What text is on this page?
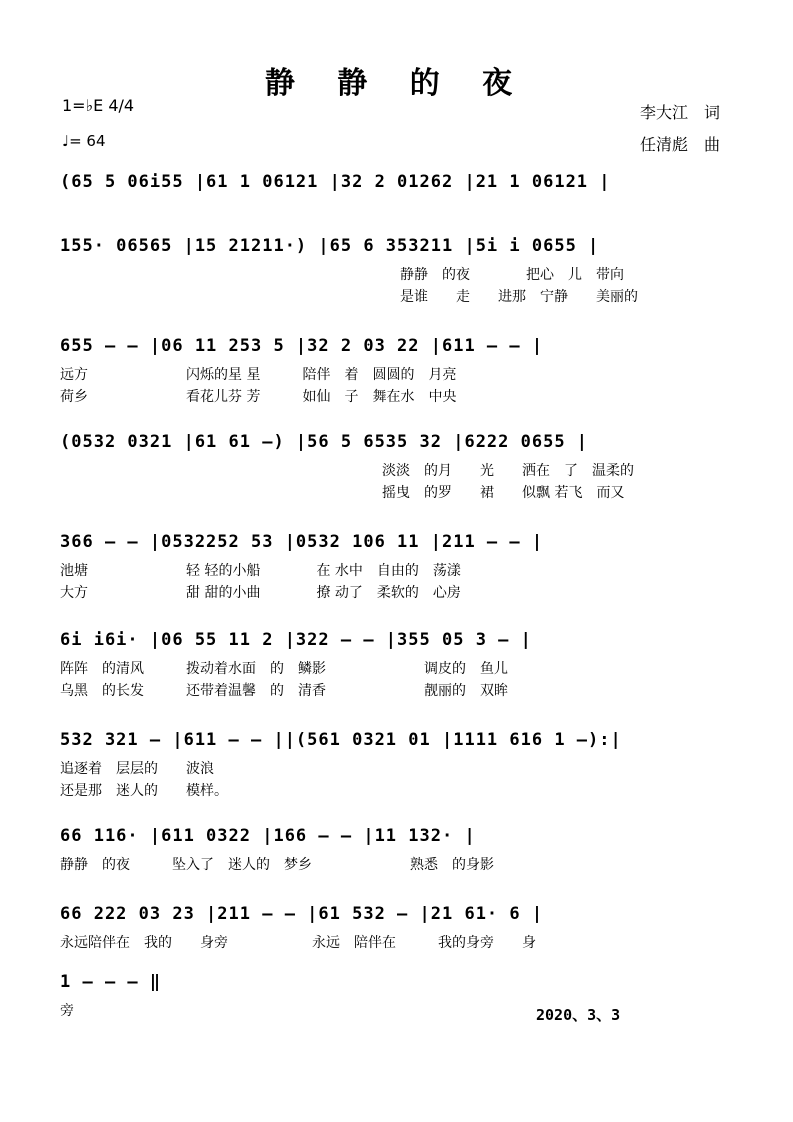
静 静 的 夜
1=♭E 4/4
♩= 64
李大江　词
任清彪　曲
(65 5 06i55 |61 1 06121 |32 2 01262 |21 1 06121 |
155· 06565 |15 21211·) |65 6 353211 |5i i 0655 |
静静　的夜　　　　把心　儿　带向
是谁　　走　　进那　宁静　　美丽的
655 – – |06 11 253 5 |32 2 03 22 |611 – – |
远方　　　　　　　闪烁的星 星　　　陪伴　着　圆圆的　月亮
荷乡　　　　　　　看花儿芬 芳　　　如仙　子　舞在水　中央
(0532 0321 |61 61 –) |56 5 6535 32 |6222 0655 |
淡淡　的月　　光　　洒在　了　温柔的
摇曳　的罗　　裙　　似飘 若飞　而又
366 – – |0532252 53 |0532 106 11 |211 – – |
池塘　　　　　　　轻 轻的小船　　　　在 水中　自由的　荡漾
大方　　　　　　　甜 甜的小曲　　　　撩 动了　柔软的　心房
6i i6i· |06 55 11 2 |322 – – |355 05 3 – |
阵阵　的清风　　　拨动着水面　的　鳞影　　　　　　　调皮的　鱼儿
乌黑　的长发　　　还带着温馨　的　清香　　　　　　　靓丽的　双眸
532 321 – |611 – – ||(561 0321 01 |1111 616 1 –):|
追逐着　层层的　　波浪
还是那　迷人的　　模样。
66 116· |611 0322 |166 – – |11 132· |
静静　的夜　　　坠入了　迷人的　梦乡　　　　　　　熟悉　的身影
66 222 03 23 |211 – – |61 532 – |21 61· 6 |
永远陪伴在　我的　　身旁　　　　　　永远　陪伴在　　　我的身旁　　身
1 – – – ‖
旁	2020、3、3
